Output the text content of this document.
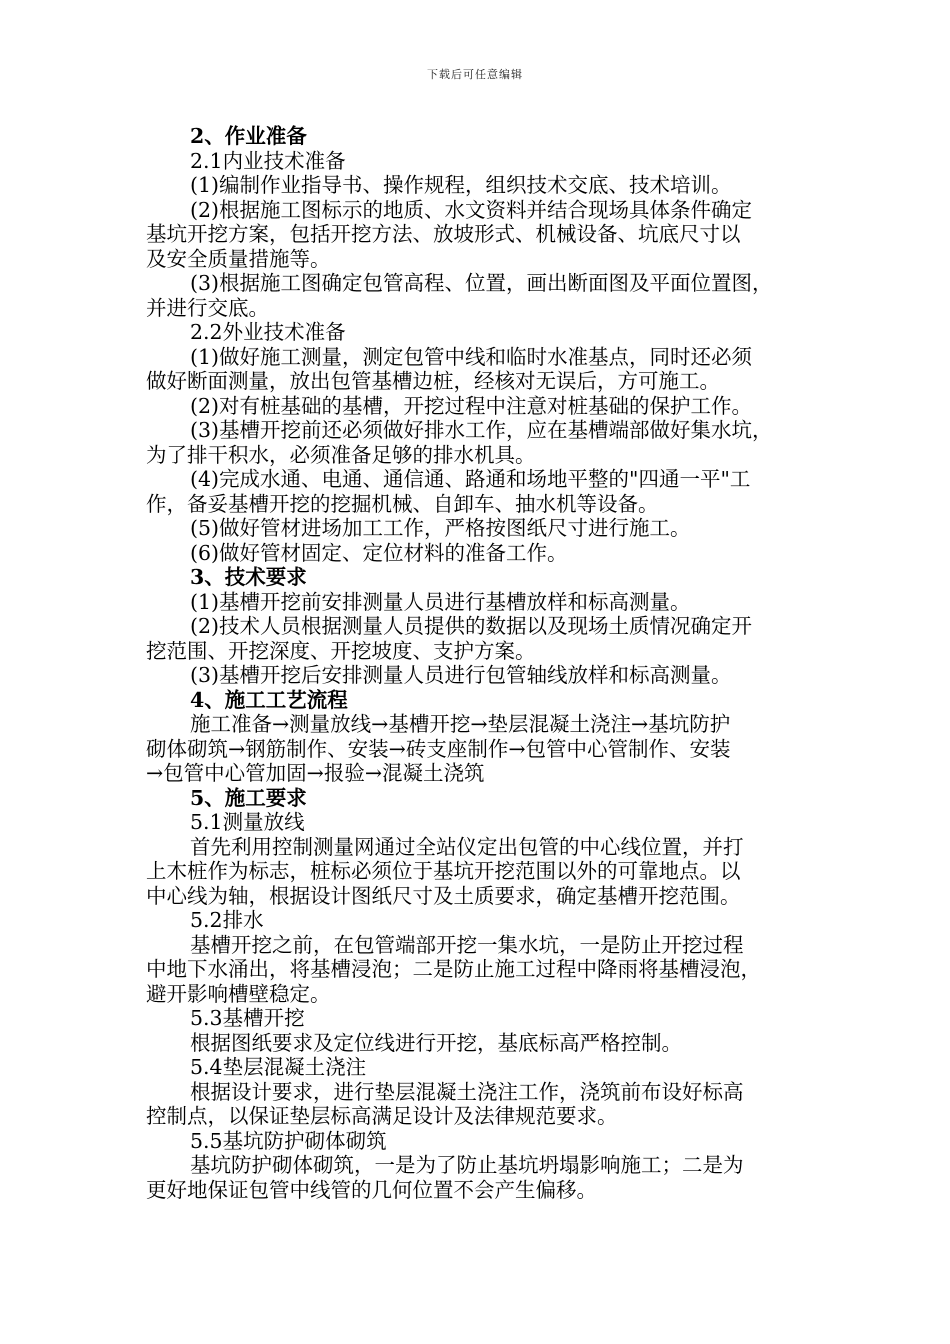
下载后可任意编辑

2、作业准备

2.1内业技术准备

(1)编制作业指导书、操作规程，组织技术交底、技术培训。

(2)根据施工图标示的地质、水文资料并结合现场具体条件确定

基坑开挖方案，包括开挖方法、放坡形式、机械设备、坑底尺寸以

及安全质量措施等。

(3)根据施工图确定包管高程、位置，画出断面图及平面位置图，

并进行交底。

2.2外业技术准备

(1)做好施工测量，测定包管中线和临时水准基点，同时还必须

做好断面测量，放出包管基槽边桩，经核对无误后，方可施工。

(2)对有桩基础的基槽，开挖过程中注意对桩基础的保护工作。

(3)基槽开挖前还必须做好排水工作，应在基槽端部做好集水坑，

为了排干积水，必须准备足够的排水机具。

(4)完成水通、电通、通信通、路通和场地平整的"四通一平"工

作，备妥基槽开挖的挖掘机械、自卸车、抽水机等设备。

(5)做好管材进场加工工作，严格按图纸尺寸进行施工。

(6)做好管材固定、定位材料的准备工作。

3、技术要求

(1)基槽开挖前安排测量人员进行基槽放样和标高测量。

(2)技术人员根据测量人员提供的数据以及现场土质情况确定开

挖范围、开挖深度、开挖坡度、支护方案。

(3)基槽开挖后安排测量人员进行包管轴线放样和标高测量。

4、施工工艺流程

施工准备→测量放线→基槽开挖→垫层混凝土浇注→基坑防护

砌体砌筑→钢筋制作、安装→砖支座制作→包管中心管制作、安装

→包管中心管加固→报验→混凝土浇筑

5、施工要求

5.1测量放线

首先利用控制测量网通过全站仪定出包管的中心线位置，并打

上木桩作为标志，桩标必须位于基坑开挖范围以外的可靠地点。以

中心线为轴，根据设计图纸尺寸及土质要求，确定基槽开挖范围。

5.2排水

基槽开挖之前，在包管端部开挖一集水坑，一是防止开挖过程

中地下水涌出，将基槽浸泡；二是防止施工过程中降雨将基槽浸泡，

避开影响槽壁稳定。

5.3基槽开挖

根据图纸要求及定位线进行开挖，基底标高严格控制。

5.4垫层混凝土浇注

根据设计要求，进行垫层混凝土浇注工作，浇筑前布设好标高

控制点，以保证垫层标高满足设计及法律规范要求。

5.5基坑防护砌体砌筑

基坑防护砌体砌筑，一是为了防止基坑坍塌影响施工；二是为

更好地保证包管中线管的几何位置不会产生偏移。
